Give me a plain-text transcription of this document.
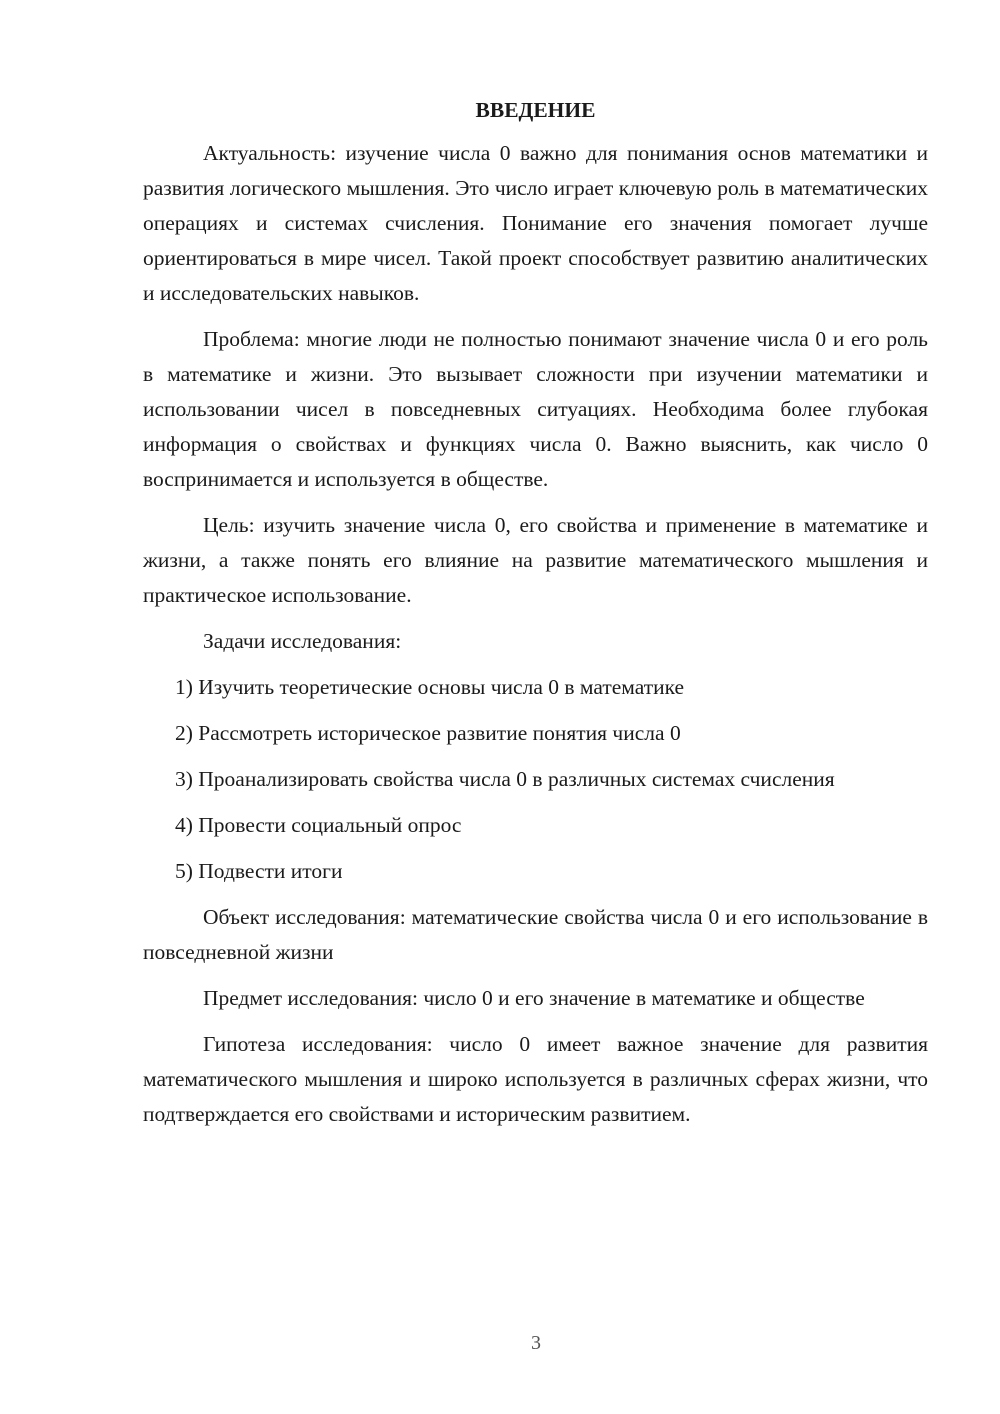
ВВЕДЕНИЕ

Актуальность: изучение числа 0 важно для понимания основ математики и развития логического мышления. Это число играет ключевую роль в математических операциях и системах счисления. Понимание его значения помогает лучше ориентироваться в мире чисел. Такой проект способствует развитию аналитических и исследовательских навыков.

Проблема: многие люди не полностью понимают значение числа 0 и его роль в математике и жизни. Это вызывает сложности при изучении математики и использовании чисел в повседневных ситуациях. Необходима более глубокая информация о свойствах и функциях числа 0. Важно выяснить, как число 0 воспринимается и используется в обществе.

Цель: изучить значение числа 0, его свойства и применение в математике и жизни, а также понять его влияние на развитие математического мышления и практическое использование.

Задачи исследования:

1) Изучить теоретические основы числа 0 в математике

2) Рассмотреть историческое развитие понятия числа 0

3) Проанализировать свойства числа 0 в различных системах счисления

4) Провести социальный опрос

5) Подвести итоги

Объект исследования: математические свойства числа 0 и его использование в повседневной жизни

Предмет исследования: число 0 и его значение в математике и обществе

Гипотеза исследования: число 0 имеет важное значение для развития математического мышления и широко используется в различных сферах жизни, что подтверждается его свойствами и историческим развитием.

3
